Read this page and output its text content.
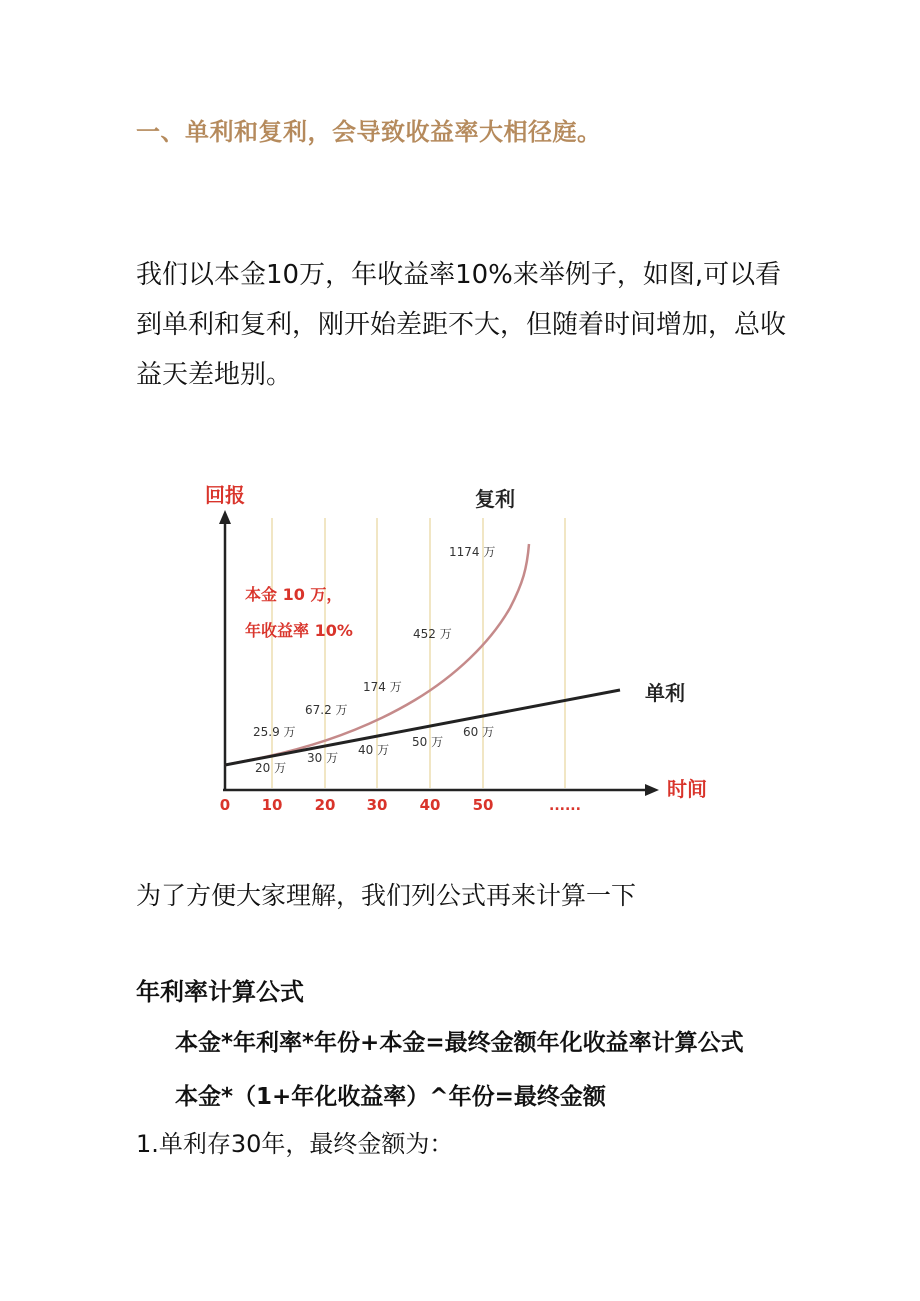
一、单利和复利，会导致收益率大相径庭。
我们以本金10万，年收益率10%来举例子，如图,可以看到单利和复利，刚开始差距不大，但随着时间增加，总收益天差地别。
回报	复利
时间
本金 10 万，
年收益率 10%
单利
0 10 20 30 40 50	......
25.9 万
67.2 万
174 万
452 万
1174 万
20 万
30 万
40 万
50 万
60 万
为了方便大家理解，我们列公式再来计算一下
年利率计算公式
本金*年利率*年份+本金=最终金额年化收益率计算公式
本金*（1+年化收益率）^年份=最终金额
1.单利存30年，最终金额为：
